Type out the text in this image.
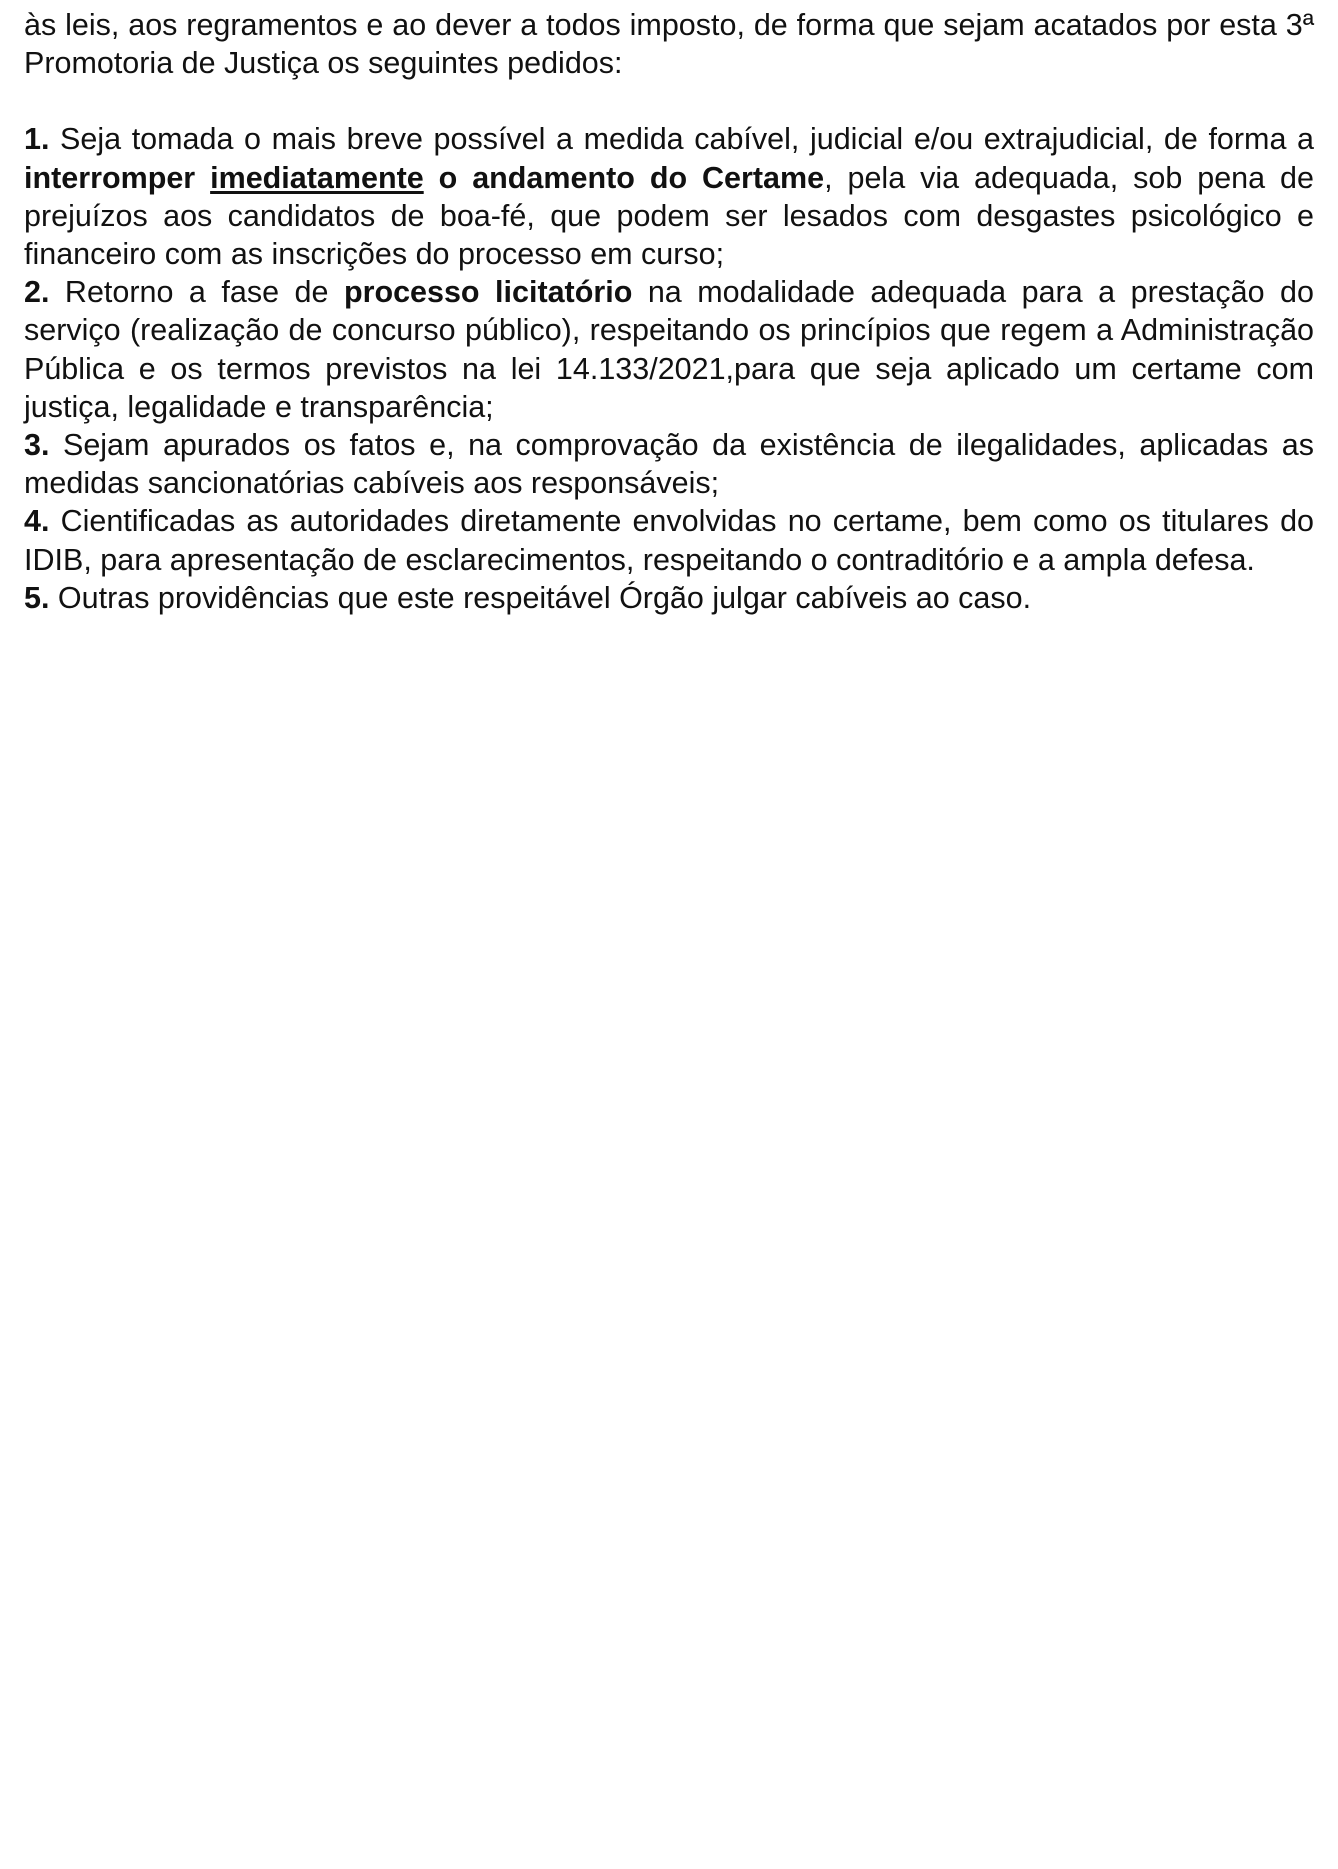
às leis, aos regramentos e ao dever a todos imposto, de forma que sejam acatados por esta 3ª Promotoria de Justiça os seguintes pedidos:

1. Seja tomada o mais breve possível a medida cabível, judicial e/ou extrajudicial, de forma a interromper imediatamente o andamento do Certame, pela via adequada, sob pena de prejuízos aos candidatos de boa-fé, que podem ser lesados com desgastes psicológico e financeiro com as inscrições do processo em curso;

2. Retorno a fase de processo licitatório na modalidade adequada para a prestação do serviço (realização de concurso público), respeitando os princípios que regem a Administração Pública e os termos previstos na lei 14.133/2021,para que seja aplicado um certame com justiça, legalidade e transparência;

3. Sejam apurados os fatos e, na comprovação da existência de ilegalidades, aplicadas as medidas sancionatórias cabíveis aos responsáveis;

4. Cientificadas as autoridades diretamente envolvidas no certame, bem como os titulares do IDIB, para apresentação de esclarecimentos, respeitando o contraditório e a ampla defesa.

5. Outras providências que este respeitável Órgão julgar cabíveis ao caso.
